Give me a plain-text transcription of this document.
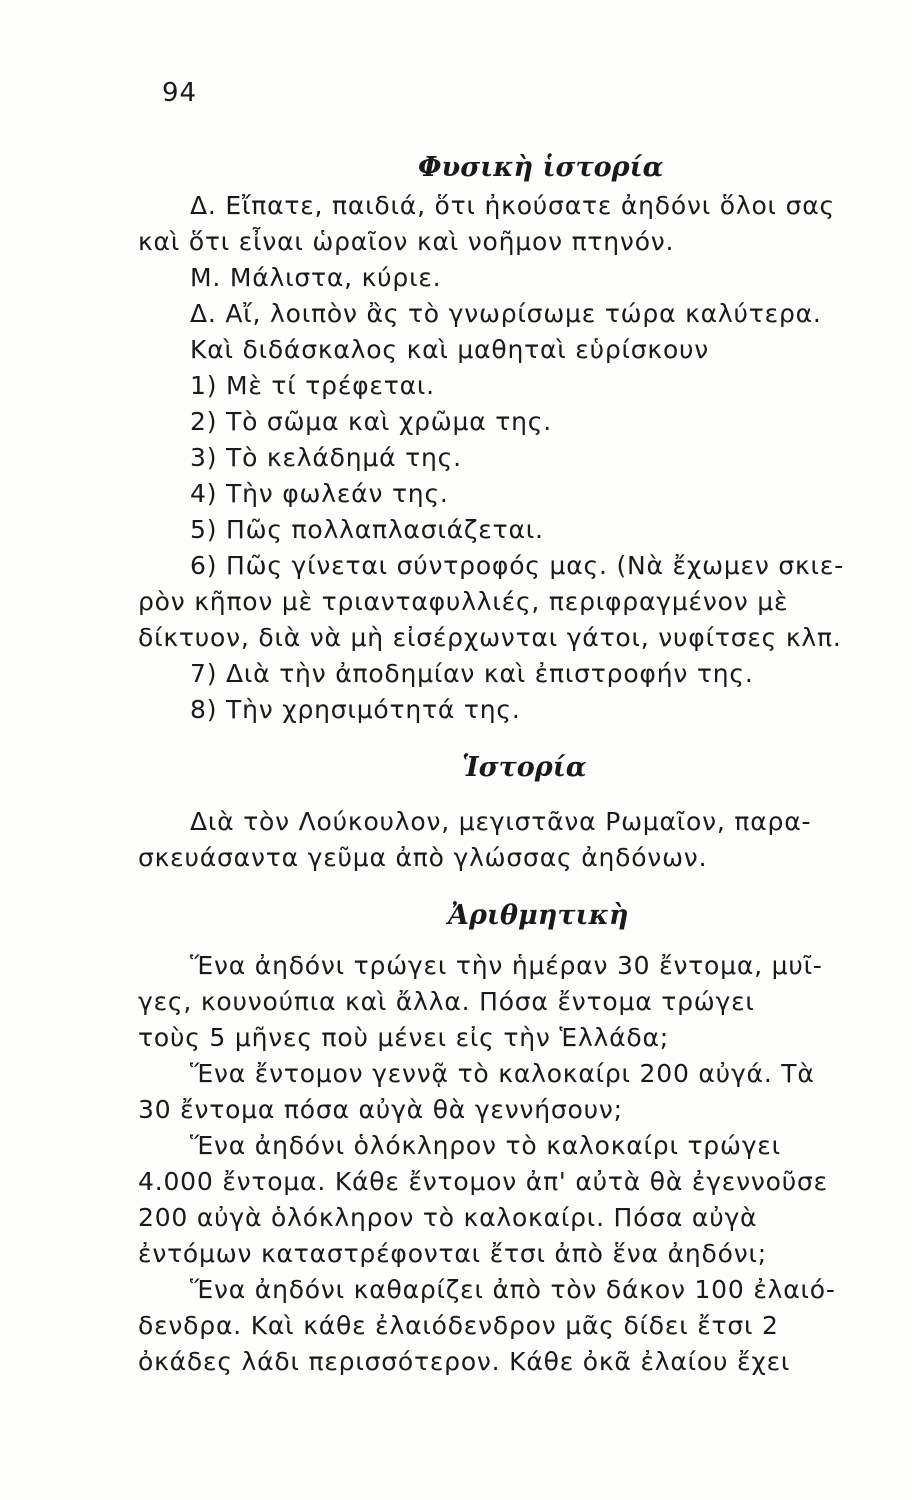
94
Φυσικὴ ἱστορία
Δ. Εἴπατε, παιδιά, ὅτι ἠκούσατε ἀηδόνι ὅλοι σας
καὶ ὅτι εἶναι ὡραῖον καὶ νοῆμον πτηνόν.
Μ. Μάλιστα, κύριε.
Δ. Αἴ, λοιπὸν ἂς τὸ γνωρίσωμε τώρα καλύτερα.
Καὶ διδάσκαλος καὶ μαθηταὶ εὑρίσκουν
1) Μὲ τί τρέφεται.
2) Τὸ σῶμα καὶ χρῶμα της.
3) Τὸ κελάδημά της.
4) Τὴν φωλεάν της.
5) Πῶς πολλαπλασιάζεται.
6) Πῶς γίνεται σύντροφός μας. (Νὰ ἔχωμεν σκιε-
ρὸν κῆπον μὲ τριανταφυλλιές, περιφραγμένον μὲ
δίκτυον, διὰ νὰ μὴ εἰσέρχωνται γάτοι, νυφίτσες κλπ.
7) Διὰ τὴν ἀποδημίαν καὶ ἐπιστροφήν της.
8) Τὴν χρησιμότητά της.
Ἱστορία
Διὰ τὸν Λούκουλον, μεγιστᾶνα Ρωμαῖον, παρα-
σκευάσαντα γεῦμα ἀπὸ γλώσσας ἀηδόνων.
Ἀριθμητικὴ
Ἕνα ἀηδόνι τρώγει τὴν ἡμέραν 30 ἔντομα, μυῖ-
γες, κουνούπια καὶ ἄλλα. Πόσα ἔντομα τρώγει
τοὺς 5 μῆνες ποὺ μένει εἰς τὴν Ἑλλάδα;
Ἕνα ἔντομον γεννᾷ τὸ καλοκαίρι 200 αὐγά. Τὰ
30 ἔντομα πόσα αὐγὰ θὰ γεννήσουν;
Ἕνα ἀηδόνι ὁλόκληρον τὸ καλοκαίρι τρώγει
4.000 ἔντομα. Κάθε ἔντομον ἀπ' αὐτὰ θὰ ἐγεννοῦσε
200 αὐγὰ ὁλόκληρον τὸ καλοκαίρι. Πόσα αὐγὰ
ἐντόμων καταστρέφονται ἔτσι ἀπὸ ἕνα ἀηδόνι;
Ἕνα ἀηδόνι καθαρίζει ἀπὸ τὸν δάκον 100 ἐλαιό-
δενδρα. Καὶ κάθε ἐλαιόδενδρον μᾶς δίδει ἔτσι 2
ὀκάδες λάδι περισσότερον. Κάθε ὀκᾶ ἐλαίου ἔχει
